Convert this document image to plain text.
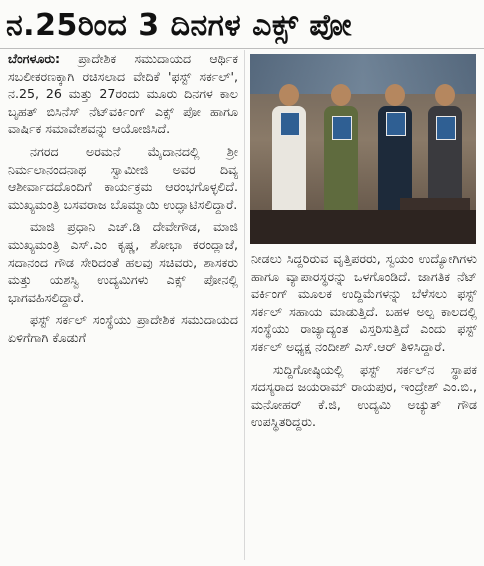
ನ.25ರಿಂದ 3 ದಿನಗಳ ಎಕ್ಸ್ ಪೋ

ಬೆಂಗಳೂರು: ಪ್ರಾದೇಶಿಕ ಸಮುದಾಯದ ಆರ್ಥಿಕ ಸಬಲೀಕರಣಕ್ಕಾಗಿ ರಚಿಸಲಾದ ವೇದಿಕೆ 'ಫಸ್ಟ್ ಸರ್ಕಲ್', ನ.25, 26 ಮತ್ತು 27ರಂದು ಮೂರು ದಿನಗಳ ಕಾಲ ಬೃಹತ್ ಬಿಸಿನೆಸ್ ನೆಟ್‌ವರ್ಕಿಂಗ್ ಎಕ್ಸ್ ಪೋ ಹಾಗೂ ವಾರ್ಷಿಕ ಸಮಾವೇಶವನ್ನು ಆಯೋಜಿಸಿದೆ.

ನಗರದ ಅರಮನೆ ಮೈದಾನದಲ್ಲಿ ಶ್ರೀ ನಿರ್ಮಲಾನಂದನಾಥ ಸ್ವಾಮೀಜಿ ಅವರ ದಿವ್ಯ ಆಶೀರ್ವಾದದೊಂದಿಗೆ ಕಾರ್ಯಕ್ರಮ ಆರಂಭಗೊಳ್ಳಲಿದೆ. ಮುಖ್ಯಮಂತ್ರಿ ಬಸವರಾಜ ಬೊಮ್ಮಾಯಿ ಉದ್ಘಾಟಿಸಲಿದ್ದಾರೆ.

ಮಾಜಿ ಪ್ರಧಾನಿ ಎಚ್.ಡಿ ದೇವೇಗೌಡ, ಮಾಜಿ ಮುಖ್ಯಮಂತ್ರಿ ಎಸ್.ಎಂ ಕೃಷ್ಣ, ಶೋಭಾ ಕರಂದ್ಲಾಜೆ, ಸದಾನಂದ ಗೌಡ ಸೇರಿದಂತೆ ಹಲವು ಸಚಿವರು, ಶಾಸಕರು ಮತ್ತು ಯಶಸ್ವಿ ಉದ್ಯಮಿಗಳು ಎಕ್ಸ್ ಪೋನಲ್ಲಿ ಭಾಗವಹಿಸಲಿದ್ದಾರೆ.

ಫಸ್ಟ್ ಸರ್ಕಲ್ ಸಂಸ್ಥೆಯು ಪ್ರಾದೇಶಿಕ ಸಮುದಾಯದ ಏಳಿಗೆಗಾಗಿ ಕೊಡುಗೆ

ನೀಡಲು ಸಿದ್ದರಿರುವ ವೃತ್ತಿಪರರು, ಸ್ವಯಂ ಉದ್ಯೋಗಿಗಳು ಹಾಗೂ ವ್ಯಾಪಾರಸ್ಥರನ್ನು ಒಳಗೊಂಡಿದೆ. ಜಾಗತಿಕ ನೆಟ್ ವರ್ಕಿಂಗ್ ಮೂಲಕ ಉದ್ದಿಮೆಗಳನ್ನು ಬೆಳೆಸಲು ಫಸ್ಟ್ ಸರ್ಕಲ್ ಸಹಾಯ ಮಾಡುತ್ತಿದೆ. ಬಹಳ ಅಲ್ಪ ಕಾಲದಲ್ಲಿ ಸಂಸ್ಥೆಯು ರಾಜ್ಯಾದ್ಯಂತ ವಿಸ್ತರಿಸುತ್ತಿದೆ ಎಂದು ಫಸ್ಟ್ ಸರ್ಕಲ್ ಅಧ್ಯಕ್ಷ ನಂದೀಶ್ ಎಸ್.ಆರ್ ತಿಳಿಸಿದ್ದಾರೆ.

ಸುದ್ದಿಗೋಷ್ಠಿಯಲ್ಲಿ ಫಸ್ಟ್ ಸರ್ಕಲ್‌ನ ಸ್ಥಾಪಕ ಸದಸ್ಯರಾದ ಜಯರಾಮ್ ರಾಯಪುರ, ಇಂದ್ರೇಶ್ ಎಂ.ಬಿ., ಮನೋಹರ್ ಕೆ.ಜಿ, ಉದ್ಯಮಿ ಅಚ್ಯುತ್ ಗೌಡ ಉಪಸ್ಥಿತರಿದ್ದರು.
